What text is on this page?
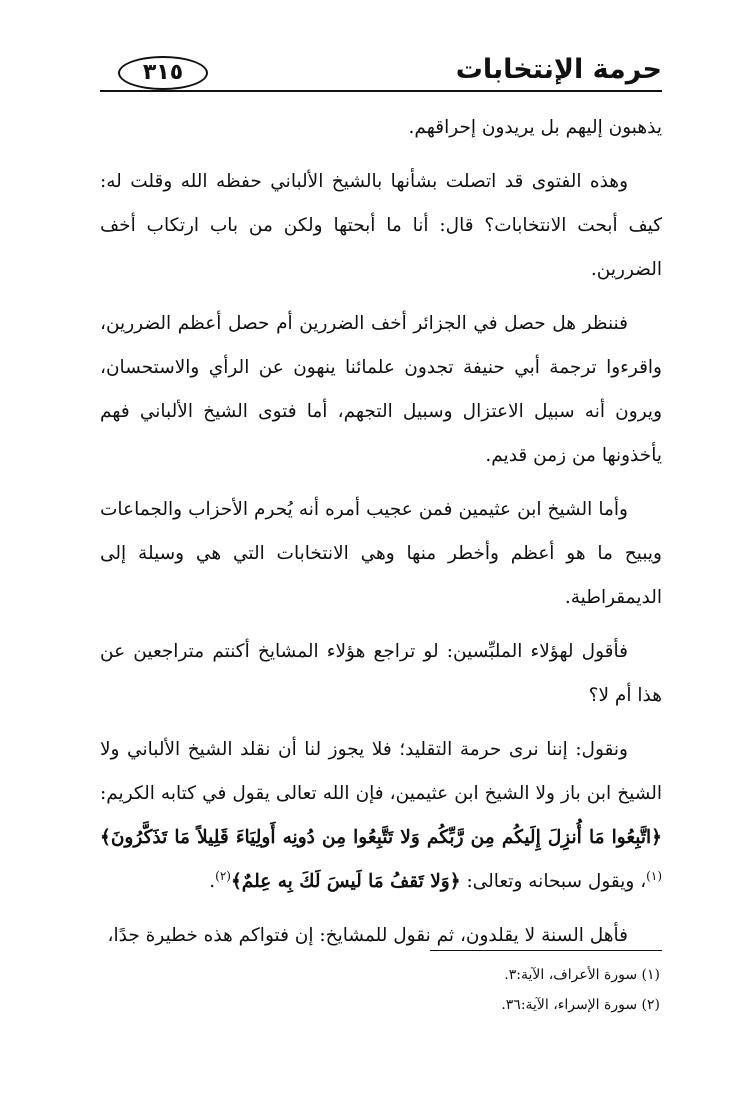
حرمة الإنتخابات
٣١٥

يذهبون إليهم بل يريدون إحراقهم.

وهذه الفتوى قد اتصلت بشأنها بالشيخ الألباني حفظه الله وقلت له: كيف أبحت الانتخابات؟ قال: أنا ما أبحتها ولكن من باب ارتكاب أخف الضررين.

فننظر هل حصل في الجزائر أخف الضررين أم حصل أعظم الضررين، واقرءوا ترجمة أبي حنيفة تجدون علمائنا ينهون عن الرأي والاستحسان، ويرون أنه سبيل الاعتزال وسبيل التجهم، أما فتوى الشيخ الألباني فهم يأخذونها من زمن قديم.

وأما الشيخ ابن عثيمين فمن عجيب أمره أنه يُحرم الأحزاب والجماعات ويبيح ما هو أعظم وأخطر منها وهي الانتخابات التي هي وسيلة إلى الديمقراطية.

فأقول لهؤلاء الملبِّسين: لو تراجع هؤلاء المشايخ أكنتم متراجعين عن هذا أم لا؟

ونقول: إننا نرى حرمة التقليد؛ فلا يجوز لنا أن نقلد الشيخ الألباني ولا الشيخ ابن باز ولا الشيخ ابن عثيمين، فإن الله تعالى يقول في كتابه الكريم: ﴿اتَّبِعُوا مَا أُنزِلَ إِلَيكُم مِن رَّبِّكُم وَلا تَتَّبِعُوا مِن دُونِه أَولِيَاءَ قَلِيلاً مَا تَذَكَّرُونَ﴾$^{(١)}$، ويقول سبحانه وتعالى: ﴿وَلا تَقفُ مَا لَيسَ لَكَ بِه عِلمٌ﴾$^{(٢)}$.

فأهل السنة لا يقلدون، ثم نقول للمشايخ: إن فتواكم هذه خطيرة جدًا،

(١) سورة الأعراف، الآية:٣.
(٢) سورة الإسراء، الآية:٣٦.
